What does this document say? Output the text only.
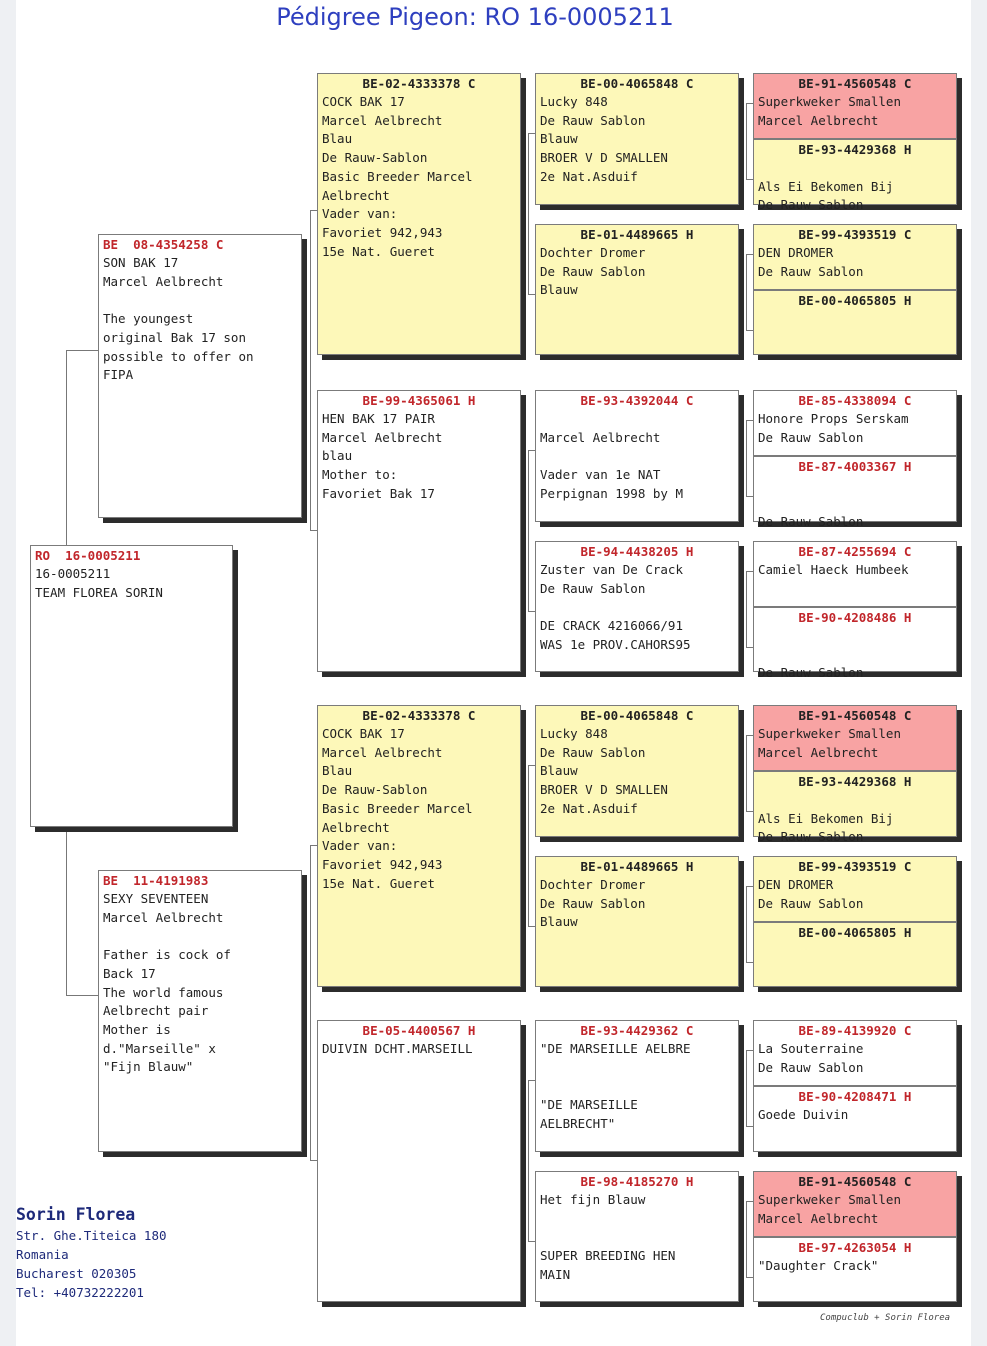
Pédigree Pigeon: RO 16-0005211
RO  16-0005211
16-0005211
TEAM FLOREA SORIN
BE  08-4354258 C
SON BAK 17
Marcel Aelbrecht

The youngest
original Bak 17 son
possible to offer on
FIPA
BE  11-4191983
SEXY SEVENTEEN
Marcel Aelbrecht

Father is cock of
Back 17
The world famous
Aelbrecht pair
Mother is
d."Marseille" x
"Fijn Blauw"
BE-02-4333378 C
COCK BAK 17
Marcel Aelbrecht
Blau
De Rauw-Sablon
Basic Breeder Marcel
Aelbrecht
Vader van:
Favoriet 942,943
15e Nat. Gueret
BE-99-4365061 H
HEN BAK 17 PAIR
Marcel Aelbrecht
blau
Mother to:
Favoriet Bak 17
BE-02-4333378 C
COCK BAK 17
Marcel Aelbrecht
Blau
De Rauw-Sablon
Basic Breeder Marcel
Aelbrecht
Vader van:
Favoriet 942,943
15e Nat. Gueret
BE-05-4400567 H
DUIVIN DCHT.MARSEILL
BE-00-4065848 C
Lucky 848
De Rauw Sablon
Blauw
BROER V D SMALLEN
2e Nat.Asduif
BE-01-4489665 H
Dochter Dromer
De Rauw Sablon
Blauw
BE-93-4392044 C

Marcel Aelbrecht

Vader van 1e NAT
Perpignan 1998 by M
BE-94-4438205 H
Zuster van De Crack
De Rauw Sablon

DE CRACK 4216066/91
WAS 1e PROV.CAHORS95
BE-00-4065848 C
Lucky 848
De Rauw Sablon
Blauw
BROER V D SMALLEN
2e Nat.Asduif
BE-01-4489665 H
Dochter Dromer
De Rauw Sablon
Blauw
BE-93-4429362 C
"DE MARSEILLE AELBRE

"DE MARSEILLE
AELBRECHT"
BE-98-4185270 H
Het fijn Blauw

SUPER BREEDING HEN
MAIN
BE-91-4560548 C
Superkweker Smallen
Marcel Aelbrecht
BE-93-4429368 H

Als Ei Bekomen Bij
De Rauw Sablon
BE-99-4393519 C
DEN DROMER
De Rauw Sablon
BE-00-4065805 H
BE-85-4338094 C
Honore Props Serskam
De Rauw Sablon
BE-87-4003367 H

De Rauw Sablon
BE-87-4255694 C
Camiel Haeck Humbeek
BE-90-4208486 H

De Rauw Sablon
BE-91-4560548 C
Superkweker Smallen
Marcel Aelbrecht
BE-93-4429368 H

Als Ei Bekomen Bij
De Rauw Sablon
BE-99-4393519 C
DEN DROMER
De Rauw Sablon
BE-00-4065805 H
BE-89-4139920 C
La Souterraine
De Rauw Sablon
BE-90-4208471 H
Goede Duivin
BE-91-4560548 C
Superkweker Smallen
Marcel Aelbrecht
BE-97-4263054 H
"Daughter Crack"
Sorin Florea
Str. Ghe.Titeica 180
Romania
Bucharest 020305
Tel: +40732222201
Compuclub + Sorin Florea
